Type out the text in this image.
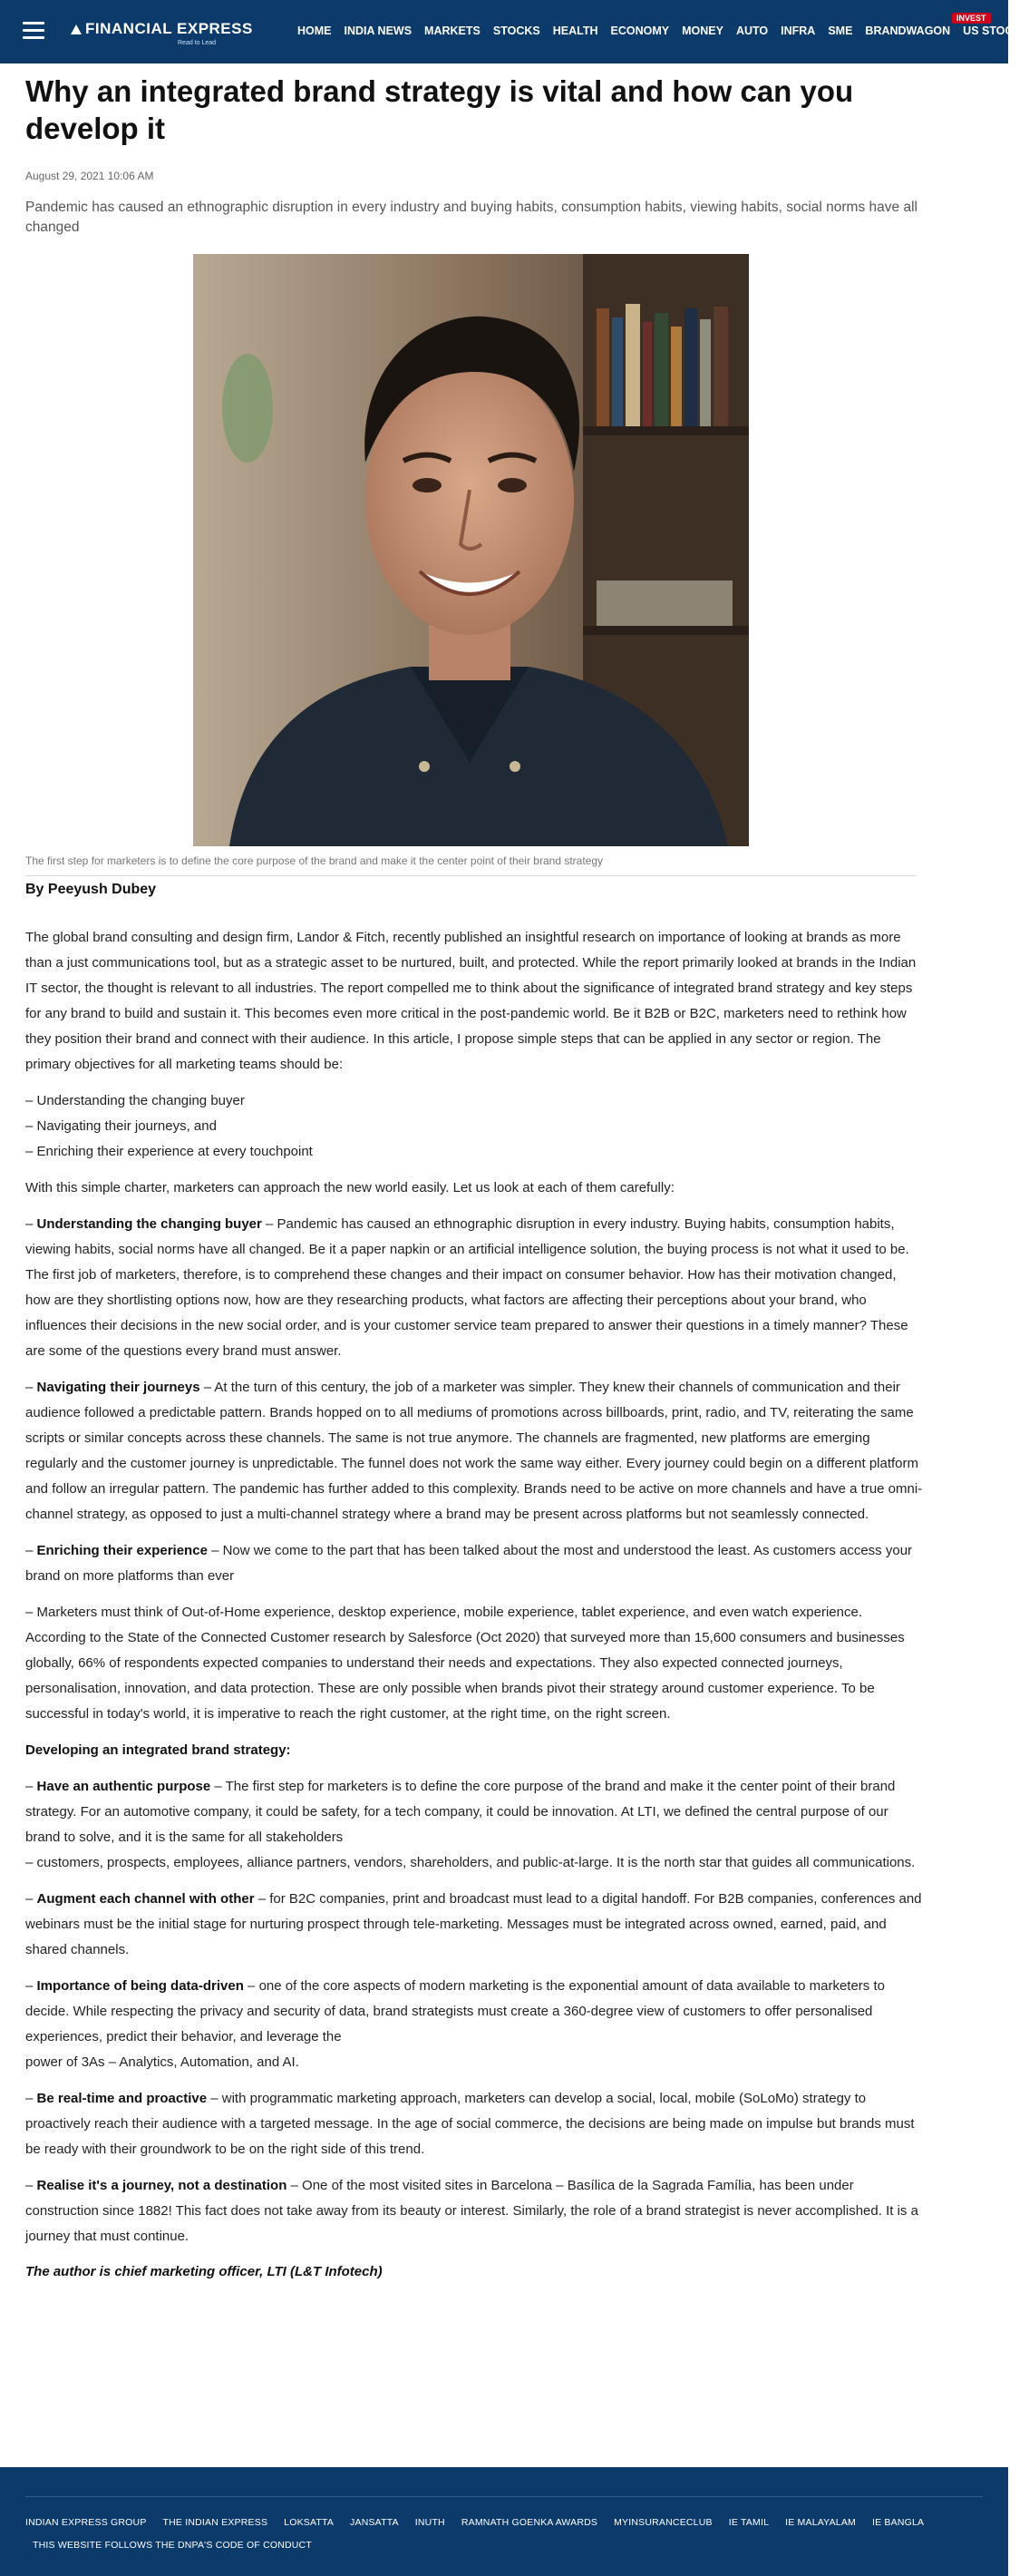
FINANCIAL EXPRESS
Read to Lead
HOME INDIA NEWS MARKETS STOCKS HEALTH ECONOMY MONEY AUTO INFRA SME BRANDWAGON US STOCKS
INVEST
Why an integrated brand strategy is vital and how can you develop it
August 29, 2021 10:06 AM
Pandemic has caused an ethnographic disruption in every industry and buying habits, consumption habits, viewing habits, social norms have all changed
The first step for marketers is to define the core purpose of the brand and make it the center point of their brand strategy
By Peeyush Dubey

The global brand consulting and design firm, Landor & Fitch, recently published an insightful research on importance of looking at brands as more than a just communications tool, but as a strategic asset to be nurtured, built, and protected. While the report primarily looked at brands in the Indian IT sector, the thought is relevant to all industries. The report compelled me to think about the significance of integrated brand strategy and key steps for any brand to build and sustain it. This becomes even more critical in the post-pandemic world. Be it B2B or B2C, marketers need to rethink how they position their brand and connect with their audience. In this article, I propose simple steps that can be applied in any sector or region. The primary objectives for all marketing teams should be:

– Understanding the changing buyer
– Navigating their journeys, and
– Enriching their experience at every touchpoint

With this simple charter, marketers can approach the new world easily. Let us look at each of them carefully:

– Understanding the changing buyer – Pandemic has caused an ethnographic disruption in every industry. Buying habits, consumption habits, viewing habits, social norms have all changed. Be it a paper napkin or an artificial intelligence solution, the buying process is not what it used to be. The first job of marketers, therefore, is to comprehend these changes and their impact on consumer behavior. How has their motivation changed, how are they shortlisting options now, how are they researching products, what factors are affecting their perceptions about your brand, who influences their decisions in the new social order, and is your customer service team prepared to answer their questions in a timely manner? These are some of the questions every brand must answer.

– Navigating their journeys – At the turn of this century, the job of a marketer was simpler. They knew their channels of communication and their audience followed a predictable pattern. Brands hopped on to all mediums of promotions across billboards, print, radio, and TV, reiterating the same scripts or similar concepts across these channels. The same is not true anymore. The channels are fragmented, new platforms are emerging regularly and the customer journey is unpredictable. The funnel does not work the same way either. Every journey could begin on a different platform and follow an irregular pattern. The pandemic has further added to this complexity. Brands need to be active on more channels and have a true omni-channel strategy, as opposed to just a multi-channel strategy where a brand may be present across platforms but not seamlessly connected.

– Enriching their experience – Now we come to the part that has been talked about the most and understood the least. As customers access your brand on more platforms than ever

– Marketers must think of Out-of-Home experience, desktop experience, mobile experience, tablet experience, and even watch experience. According to the State of the Connected Customer research by Salesforce (Oct 2020) that surveyed more than 15,600 consumers and businesses globally, 66% of respondents expected companies to understand their needs and expectations. They also expected connected journeys, personalisation, innovation, and data protection. These are only possible when brands pivot their strategy around customer experience. To be successful in today's world, it is imperative to reach the right customer, at the right time, on the right screen.

Developing an integrated brand strategy:

– Have an authentic purpose – The first step for marketers is to define the core purpose of the brand and make it the center point of their brand strategy. For an automotive company, it could be safety, for a tech company, it could be innovation. At LTI, we defined the central purpose of our brand to solve, and it is the same for all stakeholders
– customers, prospects, employees, alliance partners, vendors, shareholders, and public-at-large. It is the north star that guides all communications.

– Augment each channel with other – for B2C companies, print and broadcast must lead to a digital handoff. For B2B companies, conferences and webinars must be the initial stage for nurturing prospect through tele-marketing. Messages must be integrated across owned, earned, paid, and shared channels.

– Importance of being data-driven – one of the core aspects of modern marketing is the exponential amount of data available to marketers to decide. While respecting the privacy and security of data, brand strategists must create a 360-degree view of customers to offer personalised experiences, predict their behavior, and leverage the
power of 3As – Analytics, Automation, and AI.

– Be real-time and proactive – with programmatic marketing approach, marketers can develop a social, local, mobile (SoLoMo) strategy to proactively reach their audience with a targeted message. In the age of social commerce, the decisions are being made on impulse but brands must be ready with their groundwork to be on the right side of this trend.

– Realise it's a journey, not a destination – One of the most visited sites in Barcelona – Basílica de la Sagrada Família, has been under construction since 1882! This fact does not take away from its beauty or interest. Similarly, the role of a brand strategist is never accomplished. It is a journey that must continue.

The author is chief marketing officer, LTI (L&T Infotech)
INDIAN EXPRESS GROUP THE INDIAN EXPRESS LOKSATTA JANSATTA INUTH RAMNATH GOENKA AWARDS MYINSURANCECLUB IE TAMIL IE MALAYALAM IE BANGLA
THIS WEBSITE FOLLOWS THE DNPA'S CODE OF CONDUCT
